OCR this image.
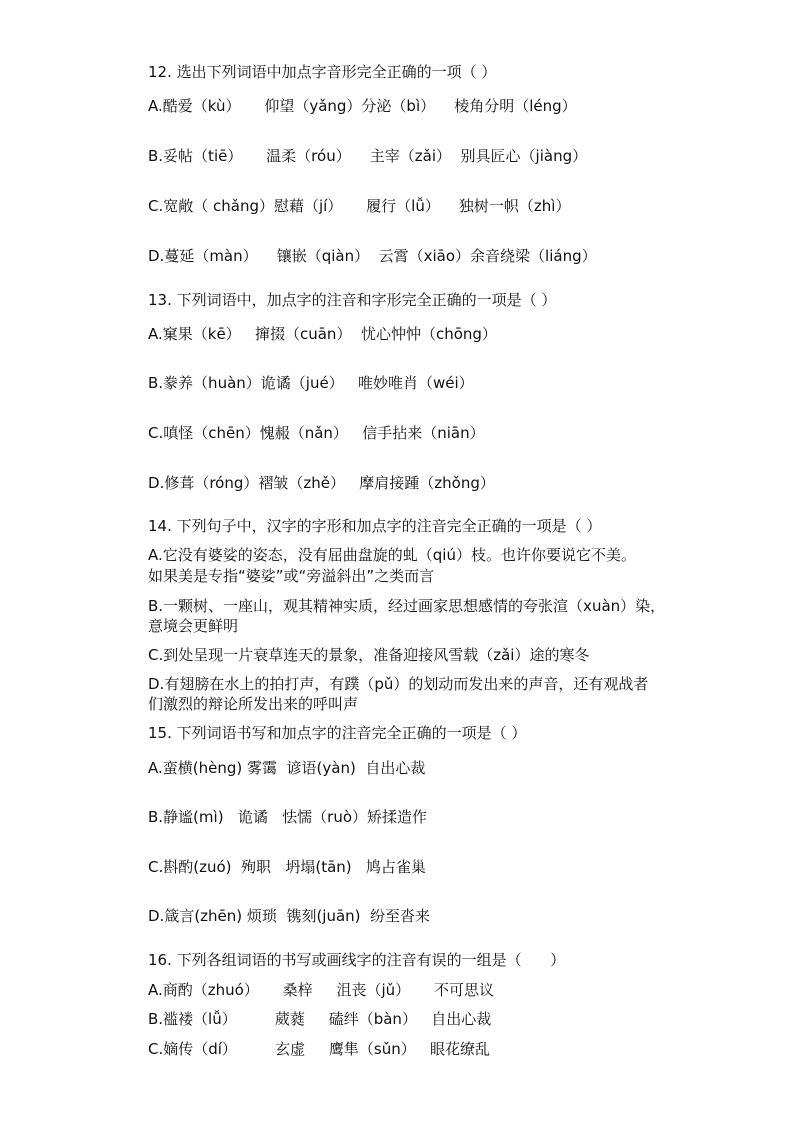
12. 选出下列词语中加点字音形完全正确的一项（ ）
A.酷爱（kù）     仰望（yǎng）分泌（bì）    棱角分明（léng）
B.妥帖（tiē）     温柔（róu）    主宰（zǎi）  别具匠心（jiàng）
C.宽敞（ chǎng）慰藉（jí）     履行（lǚ）    独树一帜（zhì）
D.蔓延（màn）    镶嵌（qiàn）  云霄（xiāo）余音绕梁（liáng）
13. 下列词语中，加点字的注音和字形完全正确的一项是（ ）
A.窠果（kē）   撺掇（cuān）  忧心忡忡（chōng）
B.豢养（huàn）诡谲（jué）   唯妙唯肖（wéi）
C.嗔怪（chēn）愧赧（nǎn）   信手拈来（niān）
D.修葺（róng）褶皱（zhě）   摩肩接踵（zhǒng）
14. 下列句子中，汉字的字形和加点字的注音完全正确的一项是（ ）
A.它没有婆娑的姿态，没有屈曲盘旋的虬（qiú）枝。也许你要说它不美。
如果美是专指“婆娑”或“旁溢斜出”之类而言
B.一颗树、一座山，观其精神实质，经过画家思想感情的夸张渲（xuàn）染，
意境会更鲜明
C.到处呈现一片衰草连天的景象，准备迎接风雪载（zǎi）途的寒冬
D.有翅膀在水上的拍打声，有蹼（pǔ）的划动而发出来的声音，还有观战者
们激烈的辩论所发出来的呼叫声
15. 下列词语书写和加点字的注音完全正确的一项是（ ）
A.蛮横(hèng) 雾霭  谚语(yàn)  自出心裁
B.静谧(mì)   诡谲   怯懦（ruò）矫揉造作
C.斟酌(zuó)  殉职   坍塌(tān)   鸠占雀巢
D.箴言(zhēn) 烦琐  镌刻(juān)  纷至沓来
16. 下列各组词语的书写或画线字的注音有误的一组是（      ）
A.商酌（zhuó）     桑梓     沮丧（jǔ）     不可思议
B.褴褛（lǚ）        葳蕤     磕绊（bàn）   自出心裁
C.嫡传（dí）        玄虚     鹰隼（sǔn）   眼花缭乱
